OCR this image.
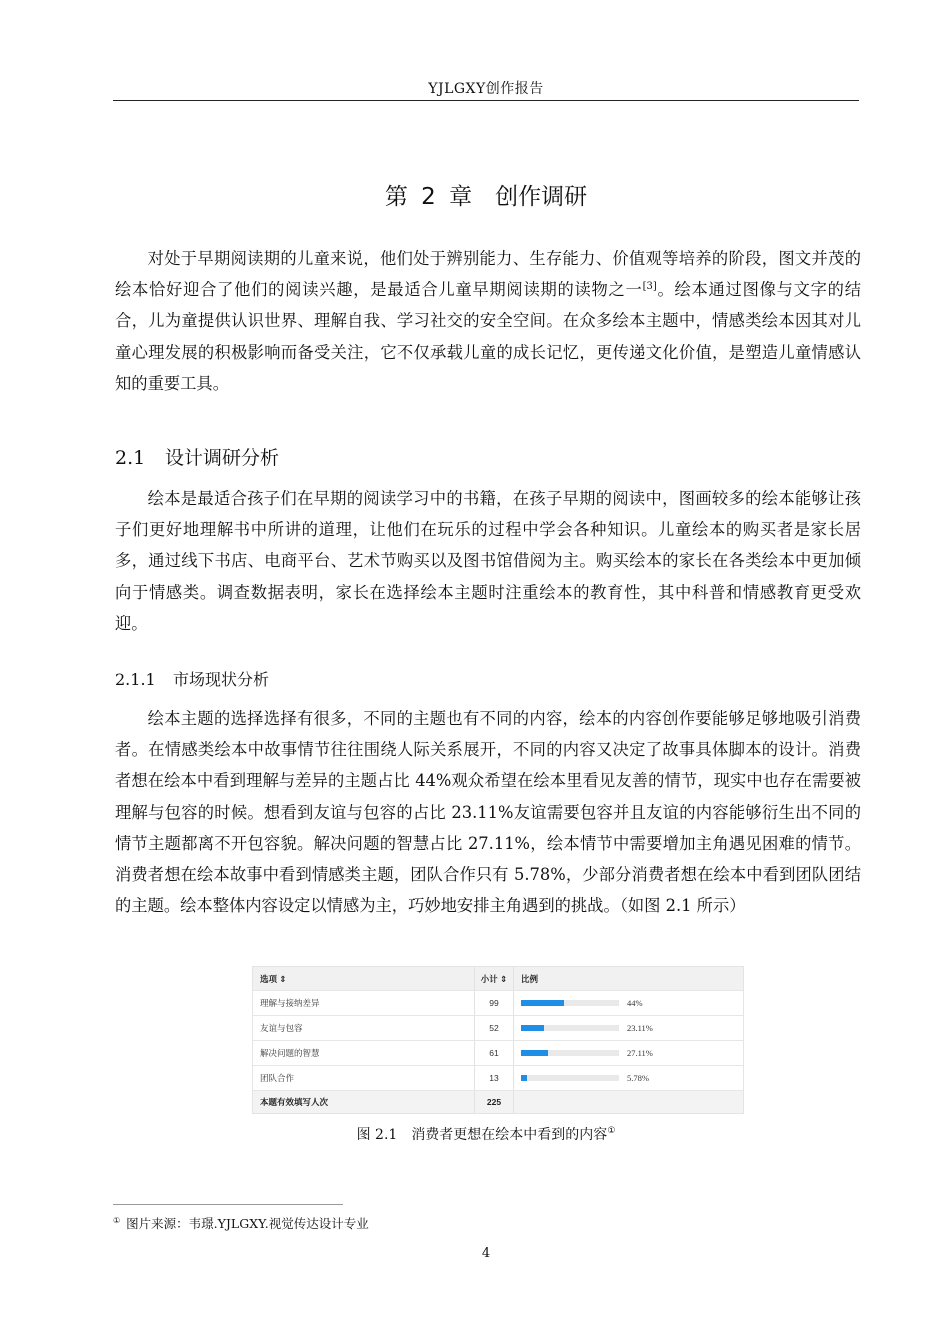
YJLGXY创作报告
第 2 章　创作调研

对处于早期阅读期的儿童来说，他们处于辨别能力、生存能力、价值观等培养的阶段，图文并茂的绘本恰好迎合了他们的阅读兴趣，是最适合儿童早期阅读期的读物之一[3]。绘本通过图像与文字的结合，儿为童提供认识世界、理解自我、学习社交的安全空间。在众多绘本主题中，情感类绘本因其对儿童心理发展的积极影响而备受关注，它不仅承载儿童的成长记忆，更传递文化价值，是塑造儿童情感认知的重要工具。

2.1 设计调研分析

绘本是最适合孩子们在早期的阅读学习中的书籍，在孩子早期的阅读中，图画较多的绘本能够让孩子们更好地理解书中所讲的道理，让他们在玩乐的过程中学会各种知识。儿童绘本的购买者是家长居多，通过线下书店、电商平台、艺术节购买以及图书馆借阅为主。购买绘本的家长在各类绘本中更加倾向于情感类。调查数据表明，家长在选择绘本主题时注重绘本的教育性，其中科普和情感教育更受欢迎。

2.1.1 市场现状分析

绘本主题的选择选择有很多，不同的主题也有不同的内容，绘本的内容创作要能够足够地吸引消费者。在情感类绘本中故事情节往往围绕人际关系展开，不同的内容又决定了故事具体脚本的设计。消费者想在绘本中看到理解与差异的主题占比 44%观众希望在绘本里看见友善的情节，现实中也存在需要被理解与包容的时候。想看到友谊与包容的占比 23.11%友谊需要包容并且友谊的内容能够衍生出不同的情节主题都离不开包容貌。解决问题的智慧占比 27.11%，绘本情节中需要增加主角遇见困难的情节。消费者想在绘本故事中看到情感类主题，团队合作只有 5.78%，少部分消费者想在绘本中看到团队团结的主题。绘本整体内容设定以情感为主，巧妙地安排主角遇到的挑战。（如图 2.1 所示）

选项 ⇕	小计 ⇕	比例
理解与接纳差异	99	44%
友谊与包容	52	23.11%
解决问题的智慧	61	27.11%
团队合作	13	5.78%
本题有效填写人次	225
图 2.1 消费者更想在绘本中看到的内容①
① 图片来源：韦璟.YJLGXY.视觉传达设计专业
4
